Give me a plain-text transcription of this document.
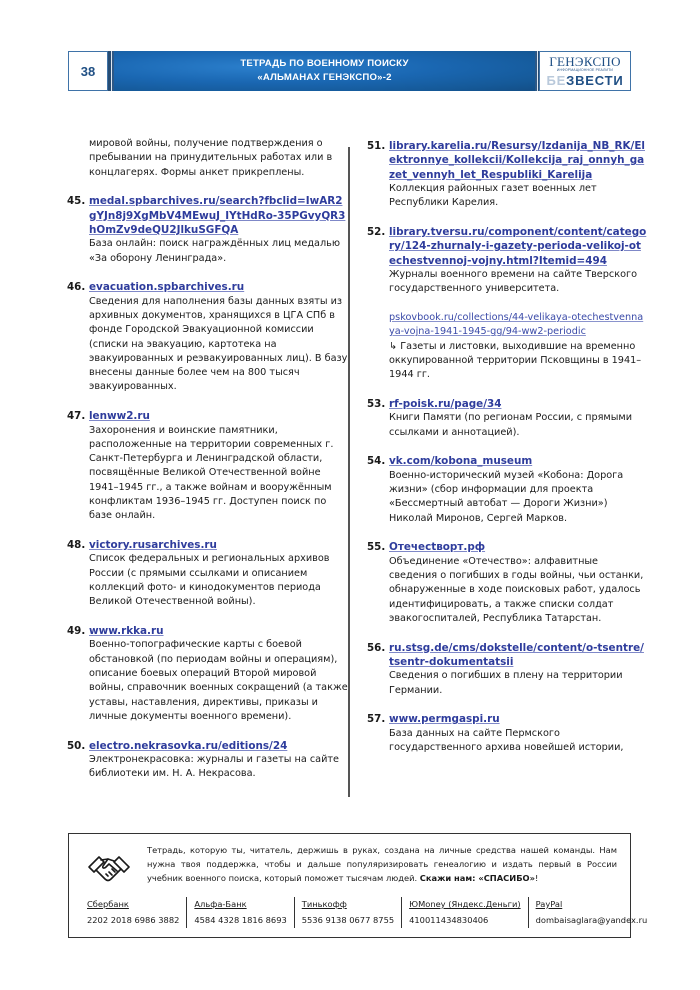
38	ТЕТРАДЬ ПО ВОЕННОМУ ПОИСКУ
«АЛЬМАНАХ ГЕНЭКСПО»-2
ГЕНЭКСПО
ИНФОРМАЦИОННОЕ РЕАЛИТИ
БЕЗВЕСТИ
мировой войны, получение подтверждения о пребывании на принудительных работах или в концлагерях. Формы анкет прикреплены.
45. medal.spbarchives.ru/search?fbclid=IwAR2gYJn8j9XgMbV4MEwuJ_IYtHdRo-35PGvyQR3hOmZv9deQU2JlkuSGFQA
База онлайн: поиск награждённых лиц медалью «За оборону Ленинграда».
46. evacuation.spbarchives.ru
Сведения для наполнения базы данных взяты из архивных документов, хранящихся в ЦГА СПб в фонде Городской Эвакуационной комиссии (списки на эвакуацию, картотека на эвакуированных и реэвакуированных лиц). В базу внесены данные более чем на 800 тысяч эвакуированных.
47. lenww2.ru
Захоронения и воинские памятники, расположенные на территории современных г. Санкт-Петербурга и Ленинградской области, посвящённые Великой Отечественной войне 1941–1945 гг., а также войнам и вооружённым конфликтам 1936–1945 гг. Доступен поиск по базе онлайн.
48. victory.rusarchives.ru
Список федеральных и региональных архивов России (с прямыми ссылками и описанием коллекций фото- и кинодокументов периода Великой Отечественной войны).
49. www.rkka.ru
Военно-топографические карты с боевой обстановкой (по периодам войны и операциям), описание боевых операций Второй мировой войны, справочник военных сокращений (а также уставы, наставления, директивы, приказы и личные документы военного времени).
50. electro.nekrasovka.ru/editions/24
Электронекрасовка: журналы и газеты на сайте библиотеки им. Н. А. Некрасова.
51. library.karelia.ru/Resursy/Izdanija_NB_RK/Elektronnye_kollekcii/Kollekcija_raj_onnyh_gazet_vennyh_let_Respubliki_Karelija
Коллекция районных газет военных лет Республики Карелия.
52. library.tversu.ru/component/content/category/124-zhurnaly-i-gazety-perioda-velikoj-otechestvennoj-vojny.html?Itemid=494
Журналы военного времени на сайте Тверского государственного университета.
pskovbook.ru/collections/44-velikaya-otechestvennaya-vojna-1941-1945-gg/94-ww2-periodic
↳ Газеты и листовки, выходившие на временно оккупированной территории Псковщины в 1941–1944 гг.
53. rf-poisk.ru/page/34
Книги Памяти (по регионам России, с прямыми ссылками и аннотацией).
54. vk.com/kobona_museum
Военно-исторический музей «Кобона: Дорога жизни» (сбор информации для проекта «Бессмертный автобат — Дороги Жизни») Николай Миронов, Сергей Марков.
55. Отечесtворт.рф
Объединение «Отечество»: алфавитные сведения о погибших в годы войны, чьи останки, обнаруженные в ходе поисковых работ, удалось идентифицировать, а также списки солдат эвакогоспиталей, Республика Татарстан.
56. ru.stsg.de/cms/dokstelle/content/o-tsentre/tsentr-dokumentatsii
Сведения о погибших в плену на территории Германии.
57. www.permgaspi.ru
База данных на сайте Пермского государственного архива новейшей истории,
Тетрадь, которую ты, читатель, держишь в руках, создана на личные средства нашей команды. Нам нужна твоя поддержка, чтобы и дальше популяризировать генеалогию и издать первый в России учебник военного поиска, который поможет тысячам людей. Скажи нам: «СПАСИБО»!
Сбербанк
2202 2018 6986 3882
Альфа-Банк
4584 4328 1816 8693
Тинькофф
5536 9138 0677 8755
ЮMoney (Яндекс.Деньги)
410011434830406
PayPal
dombaisaglara@yandex.ru
